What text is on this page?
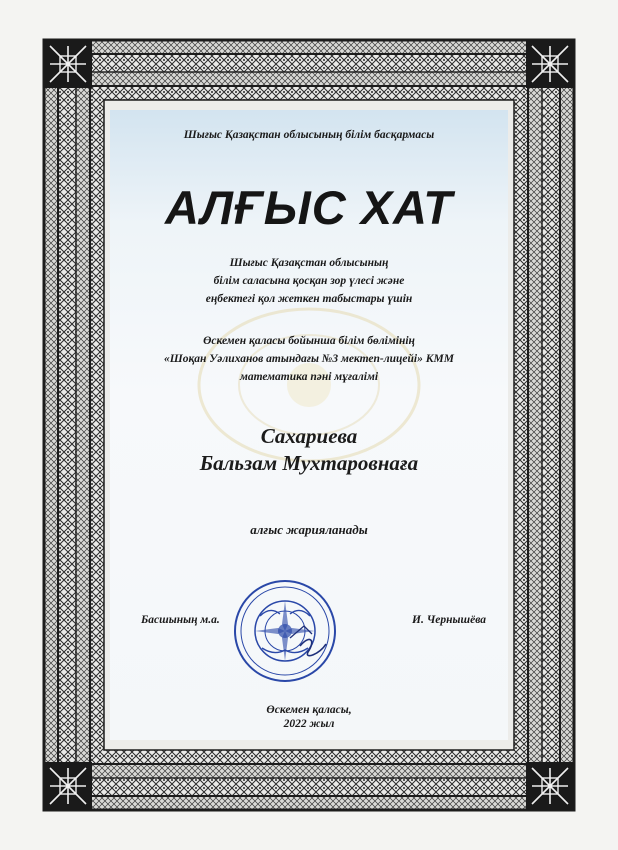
Шығыс Қазақстан облысының білім басқармасы
АЛҒЫС ХАТ
Шығыс Қазақстан облысының
білім саласына қосқан зор үлесі және
еңбектегі қол жеткен табыстары үшін
Өскемен қаласы бойынша білім бөлімінің
«Шоқан Уәлиханов атындағы №3 мектеп-лицейі» КММ
математика пәні мұғалімі
Сахариева
Бальзам Мухтаровнаға
алғыс жарияланады
Басшының м.а.	И. Чернышёва
Өскемен қаласы,
2022 жыл
